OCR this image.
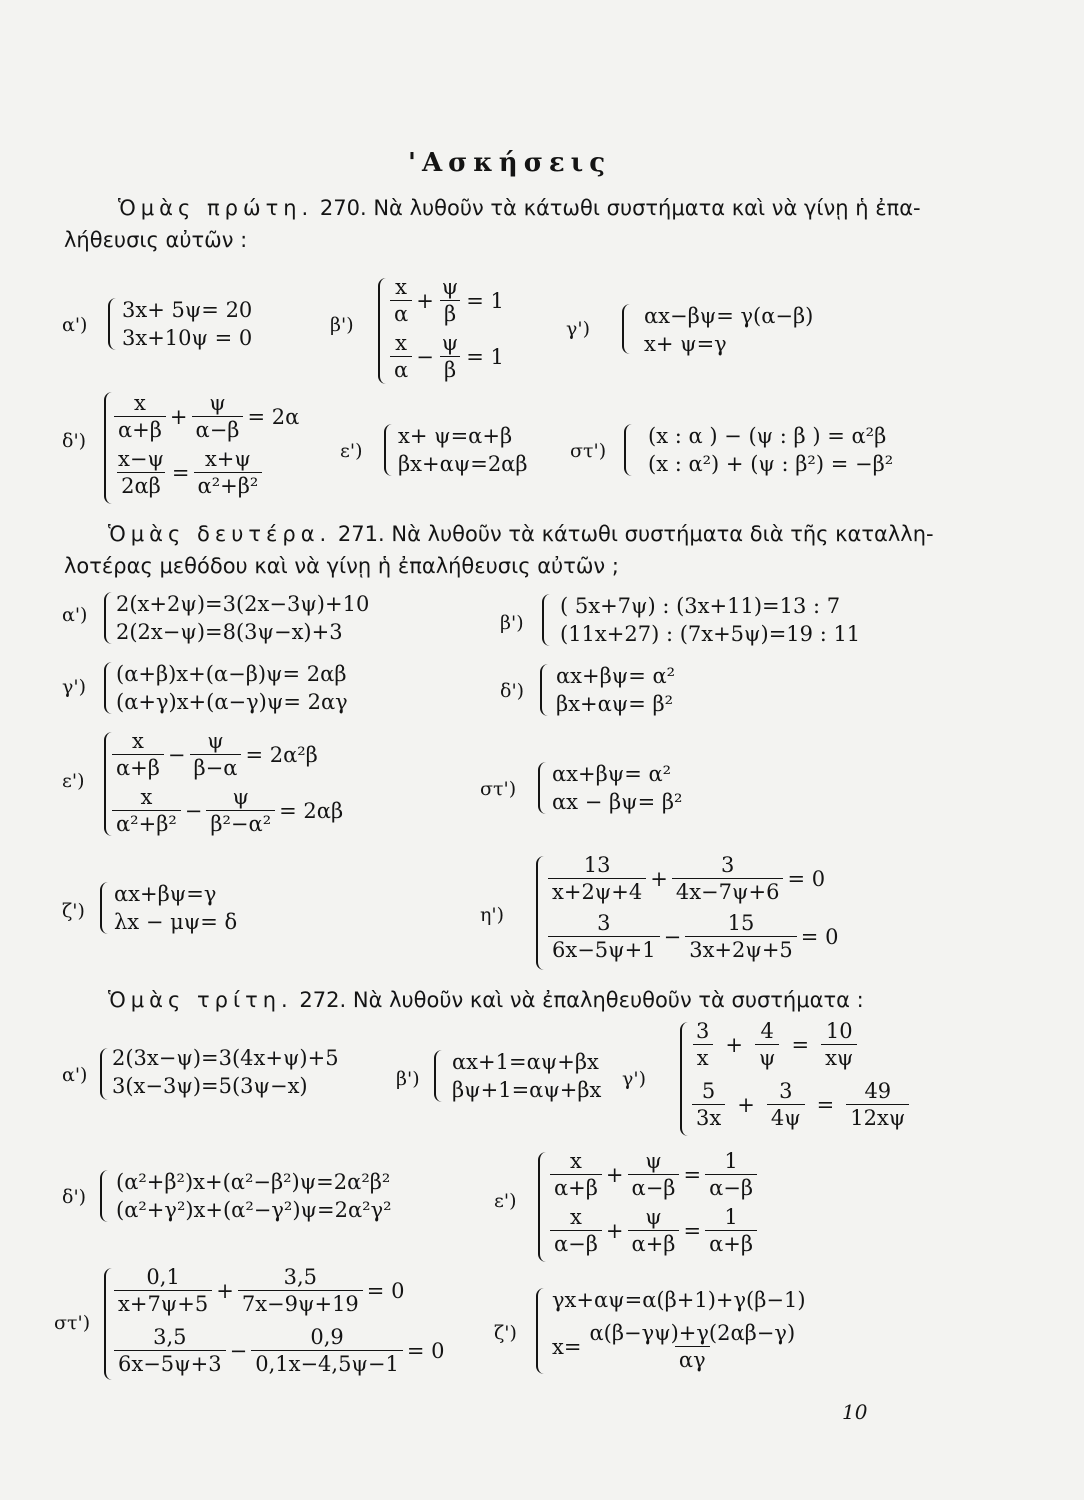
'Ασκήσεις
Ὁμὰς πρώτη. 270. Νὰ λυθοῦν τὰ κάτωθι συστήματα καὶ νὰ γίνῃ ἡ ἐπα-
λήθευσις αὐτῶν :
α')
3x+ 5ψ= 20
3x+10ψ = 0
$\beta') \frac{x}{\alpha} + \frac{\psi}{\beta} = 1$
$\frac{x}{\alpha} - \frac{\psi}{\beta} = 1$
γ')
αx−βψ= γ(α−β)
x+ ψ=γ
$\delta') \frac{x}{\alpha+\beta} + \frac{\psi}{\alpha-\beta} = 2\alpha$
$\frac{x-\psi}{2\alpha\beta} = \frac{x+\psi}{\text{α²+β²}}$	ε')
x+ ψ=α+β
βx+αψ=2αβ
στ')
(x : α ) − (ψ : β ) = α²β
(x : α²) + (ψ : β²) = −β²
Ὁμὰς δευτέρα. 271. Νὰ λυθοῦν τὰ κάτωθι συστήματα διὰ τῆς καταλλη-
λοτέρας μεθόδου καὶ νὰ γίνῃ ἡ ἐπαλήθευσις αὐτῶν ;
α') 2(x+2ψ)=3(2x−3ψ)+10
2(2x−ψ)=8(3ψ−x)+3	β')
( 5x+7ψ) : (3x+11)=13 : 7
(11x+27) : (7x+5ψ)=19 : 11
γ')
(α+β)x+(α−β)ψ= 2αβ
(α+γ)x+(α−γ)ψ= 2αγ	δ')
αx+βψ= α²
βx+αψ= β²
ε')
$\frac{x}{\alpha+\beta} - \frac{\psi}{\beta-\alpha} = 2\alpha^2\beta$
$\frac{x}{\text{α²+β²}} - \frac{\psi}{\text{β²−α²}} = 2\alpha\beta$
στ')
αx+βψ= α²
αx − βψ= β²
ζ')
αx+βψ=γ
λx − μψ= δ	η')
$\frac{13}{x+2\psi+4} + \frac{3}{4x-7\psi+6} = 0$
$\frac{3}{6x-5\psi+1} - \frac{15}{3x+2\psi+5} = 0$
Ὁμὰς τρίτη. 272. Νὰ λυθοῦν καὶ νὰ ἐπαληθευθοῦν τὰ συστήματα :
α')
2(3x−ψ)=3(4x+ψ)+5
3(x−3ψ)=5(3ψ−x)	β')
αx+1=αψ+βx
βψ+1=αψ+βx γ')
$\frac{3}{x} + \frac{4}{\psi} = \frac{10}{x\psi}$
$\frac{5}{3x} + \frac{3}{4\psi} = \frac{49}{12x\psi}$
δ')
(α²+β²)x+(α²−β²)ψ=2α²β²
(α²+γ²)x+(α²−γ²)ψ=2α²γ²	ε')
$\frac{x}{\alpha+\beta} + \frac{\psi}{\alpha-\beta} = \frac{1}{\alpha-\beta}$
$\frac{x}{\alpha-\beta} + \frac{\psi}{\alpha+\beta} = \frac{1}{\alpha+\beta}$
στ')
$\frac{0,1}{x+7\psi+5} + \frac{3,5}{7x-9\psi+19} = 0$
$\frac{3,5}{6x-5\psi+3} - \frac{0,9}{0,1x-4,5\psi-1} = 0$
ζ')
γx+αψ=α(β+1)+γ(β−1)
$x= \frac{\alpha(\beta-\gamma\psi)+\gamma(2\alpha\beta-\gamma)}{\alpha\gamma}$
10
